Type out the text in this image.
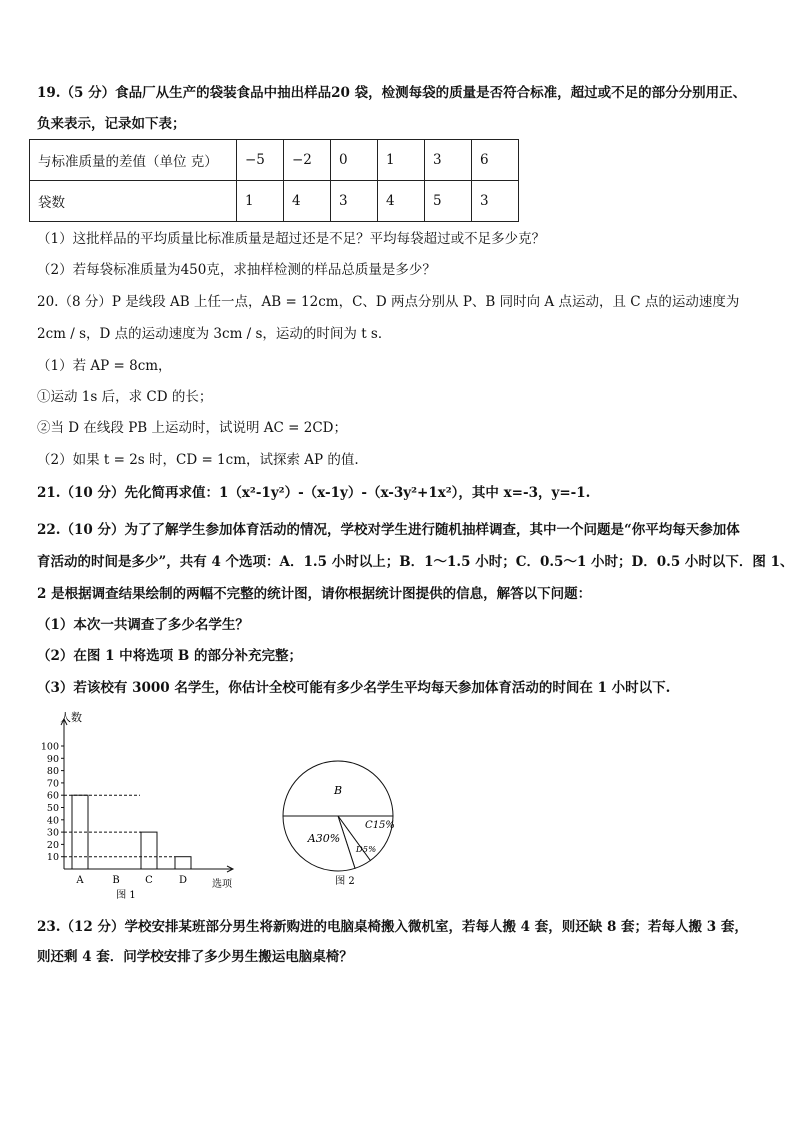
19.（5 分）食品厂从生产的袋装食品中抽出样品20 袋，检测每袋的质量是否符合标准，超过或不足的部分分别用正、
负来表示，记录如下表；
与标准质量的差值（单位 克）	−5	−2	0	1	3	6
袋数	1	4	3	4	5	3
（1）这批样品的平均质量比标准质量是超过还是不足？平均每袋超过或不足多少克？
（2）若每袋标准质量为450克，求抽样检测的样品总质量是多少？
20.（8 分）P 是线段 AB 上任一点，AB = 12cm，C、D 两点分别从 P、B 同时向 A 点运动，且 C 点的运动速度为
2cm / s，D 点的运动速度为 3cm / s，运动的时间为 t s．
（1）若 AP = 8cm，
①运动 1s 后，求 CD 的长；
②当 D 在线段 PB 上运动时，试说明 AC = 2CD；
（2）如果 t = 2s 时，CD = 1cm，试探索 AP 的值.
21.（10 分）先化简再求值：1（x²-1y²）-（x-1y）-（x-3y²+1x²），其中 x=-3，y=-1.
22.（10 分）为了了解学生参加体育活动的情况，学校对学生进行随机抽样调查，其中一个问题是“你平均每天参加体
育活动的时间是多少”，共有 4 个选项：A．1.5 小时以上；B．1～1.5 小时；C．0.5～1 小时；D．0.5 小时以下．图 1、
2 是根据调查结果绘制的两幅不完整的统计图，请你根据统计图提供的信息，解答以下问题：
（1）本次一共调查了多少名学生？
（2）在图 1 中将选项 B 的部分补充完整；
（3）若该校有 3000 名学生，你估计全校可能有多少名学生平均每天参加体育活动的时间在 1 小时以下.
人数
选项
10
20
30
40
50
60
70
80
90
100
A	B	C	D
图 1
B
C15%
D5%
A30%
图 2
23.（12 分）学校安排某班部分男生将新购进的电脑桌椅搬入微机室，若每人搬 4 套，则还缺 8 套；若每人搬 3 套，
则还剩 4 套．问学校安排了多少男生搬运电脑桌椅？
